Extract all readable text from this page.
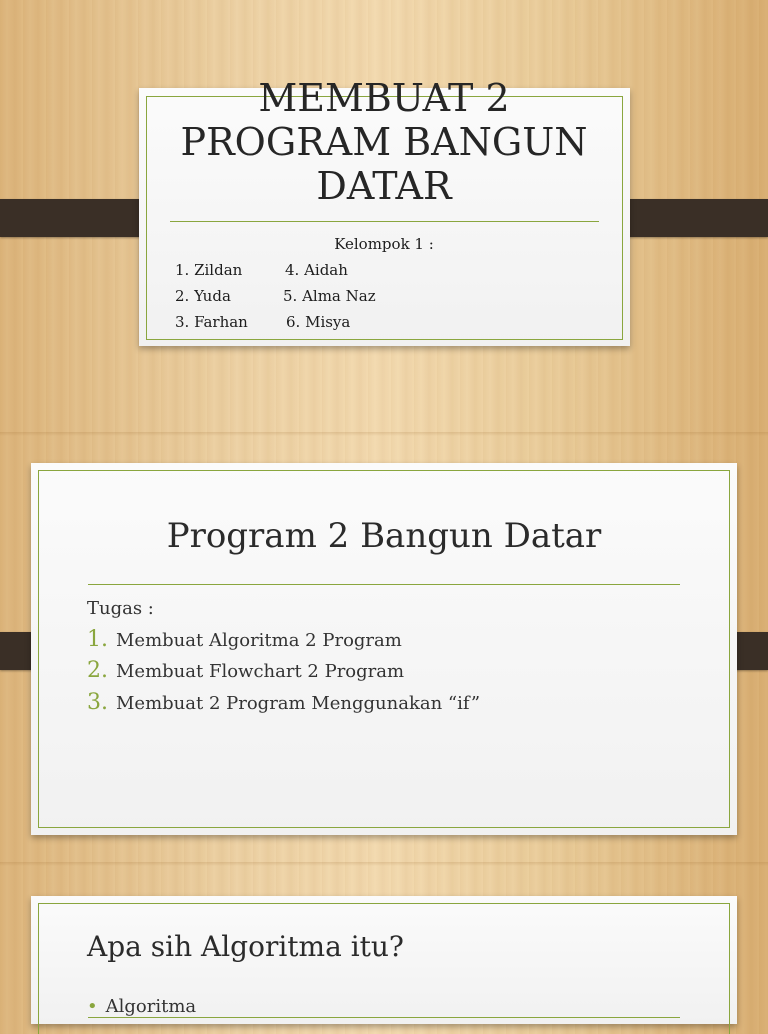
MEMBUAT 2
PROGRAM BANGUN
DATAR
Kelompok 1 :
1. Zildan
2. Yuda
3. Farhan
4. Aidah
5. Alma Naz
6. Misya
Program 2 Bangun Datar
Tugas :
1. Membuat Algoritma 2 Program
2. Membuat Flowchart 2 Program
3. Membuat 2 Program Menggunakan “if”
Apa sih Algoritma itu?
• Algoritma
